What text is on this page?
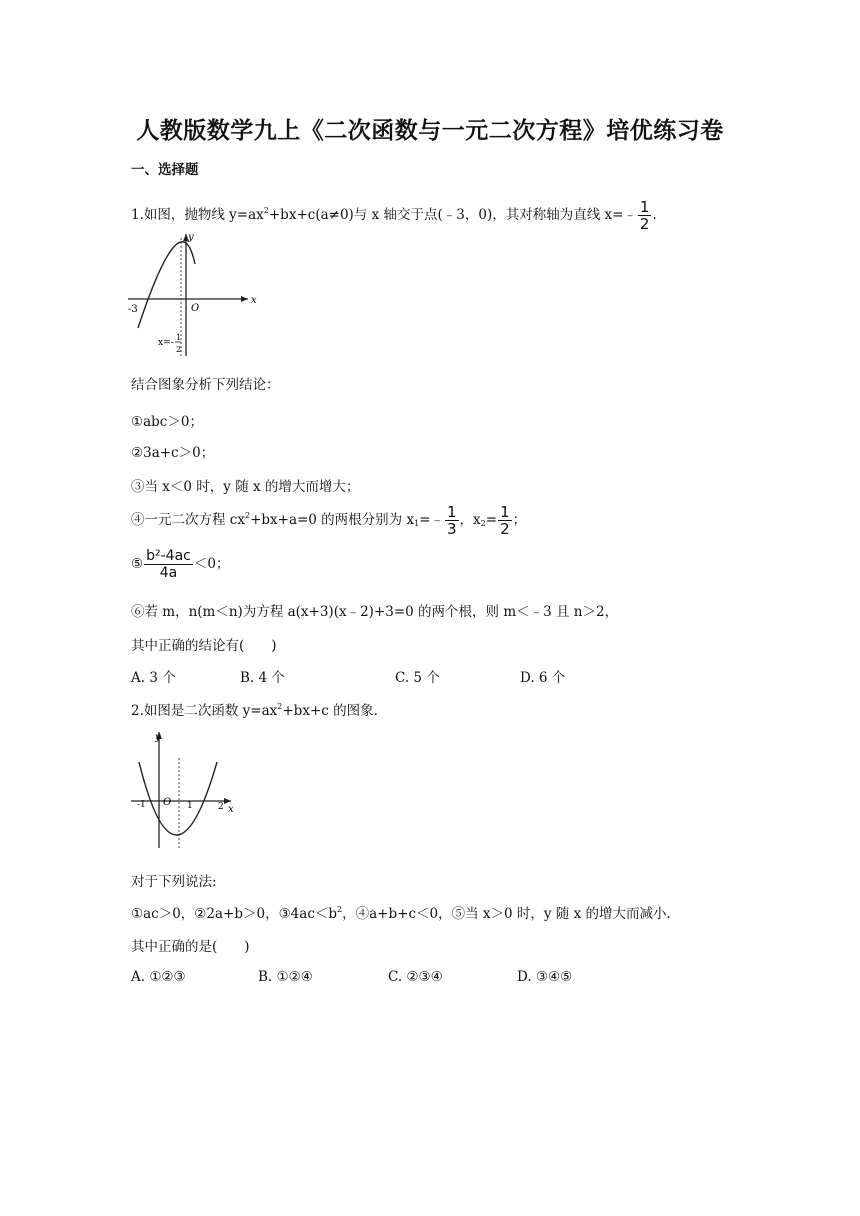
人教版数学九上《二次函数与一元二次方程》培优练习卷
一、选择题
1.如图，抛物线 $y=ax^2+bx+c(a\ne 0)$与 x 轴交于点(﹣3，0)，其对称轴为直线 x=﹣ $\frac{1}{2}$ .
y
x
O
-3
x=-
1
2
结合图象分析下列结论：
①abc＞0；
②3a+c＞0；
③当 x＜0 时，y 随 x 的增大而增大；
④一元二次方程 $cx^2+bx+a=0$ 的两根分别为 $x_1=﹣ \frac{1}{3}$ ，$x_2= \frac{1}{2}$ ；
⑤ $\frac{\text{b²-4ac}}{4a} <0$；
⑥若 m，n(m＜n)为方程 a(x+3)(x﹣2)+3=0 的两个根，则 m＜﹣3 且 n＞2，
其中正确的结论有(　　)
A. 3 个	B. 4 个	C. 5 个	D. 6 个
2.如图是二次函数 $y=ax^2+bx+c$ 的图象.
y
x
O
-1	1	2
对于下列说法:
①ac＞0，②2a+b＞0，$③4ac<b^2$，④a+b+c＜0，⑤当 x＞0 时，y 随 x 的增大而减小.
其中正确的是(　　)
A. ①②③	B. ①②④	C. ②③④	D. ③④⑤
